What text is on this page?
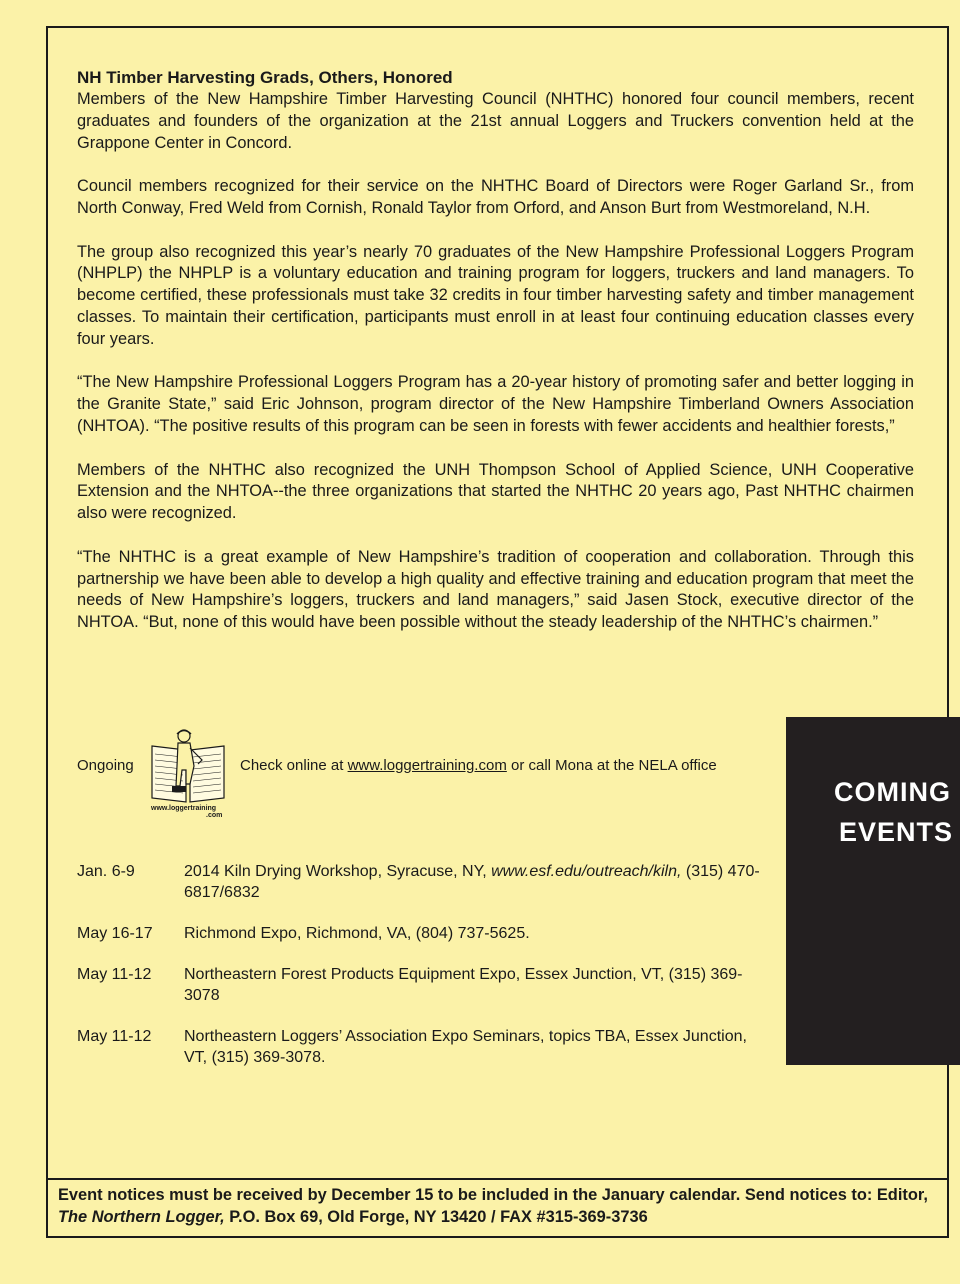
NH Timber Harvesting Grads, Others, Honored

Members of the New Hampshire Timber Harvesting Council (NHTHC) honored four council members, recent graduates and founders of the organization at the 21st annual Loggers and Truckers convention held at the Grappone Center in Concord.

Council members recognized for their service on the NHTHC Board of Directors were Roger Garland Sr., from North Conway, Fred Weld from Cornish, Ronald Taylor from Orford, and Anson Burt from Westmoreland, N.H.

The group also recognized this year’s nearly 70 graduates of the New Hampshire Professional Loggers Program (NHPLP) the NHPLP is a voluntary education and training program for loggers, truckers and land managers. To become certified, these professionals must take 32 credits in four timber harvesting safety and timber management classes. To maintain their certification, participants must enroll in at least four continuing education classes every four years.

“The New Hampshire Professional Loggers Program has a 20-year history of promoting safer and better logging in the Granite State,” said Eric Johnson, program director of the New Hampshire Timberland Owners Association (NHTOA). “The positive results of this program can be seen in forests with fewer accidents and healthier forests,”

Members of the NHTHC also recognized the UNH Thompson School of Applied Science, UNH Cooperative Extension and the NHTOA--the three organizations that started the NHTHC 20 years ago, Past NHTHC chairmen also were recognized.

“The NHTHC is a great example of New Hampshire’s tradition of cooperation and collaboration. Through this partnership we have been able to develop a high quality and effective training and education program that meet the needs of New Hampshire’s loggers, truckers and land managers,” said Jasen Stock, executive director of the NHTOA. “But, none of this would have been possible without the steady leadership of the NHTHC’s chairmen.”

COMING
EVENTS
Ongoing
www.loggertraining
.com
Check online at www.loggertraining.com or call Mona at the NELA office
Jan. 6-9	2014 Kiln Drying Workshop, Syracuse, NY, www.esf.edu/outreach/kiln, (315) 470-6817/6832
May 16-17	Richmond Expo, Richmond, VA, (804) 737-5625.
May 11-12	Northeastern Forest Products Equipment Expo, Essex Junction, VT, (315) 369-3078
May 11-12	Northeastern Loggers’ Association Expo Seminars, topics TBA, Essex Junction, VT, (315) 369-3078.
Event notices must be received by December 15 to be included in the January calendar. Send notices to: Editor, The Northern Logger, P.O. Box 69, Old Forge, NY 13420 / FAX #315-369-3736
